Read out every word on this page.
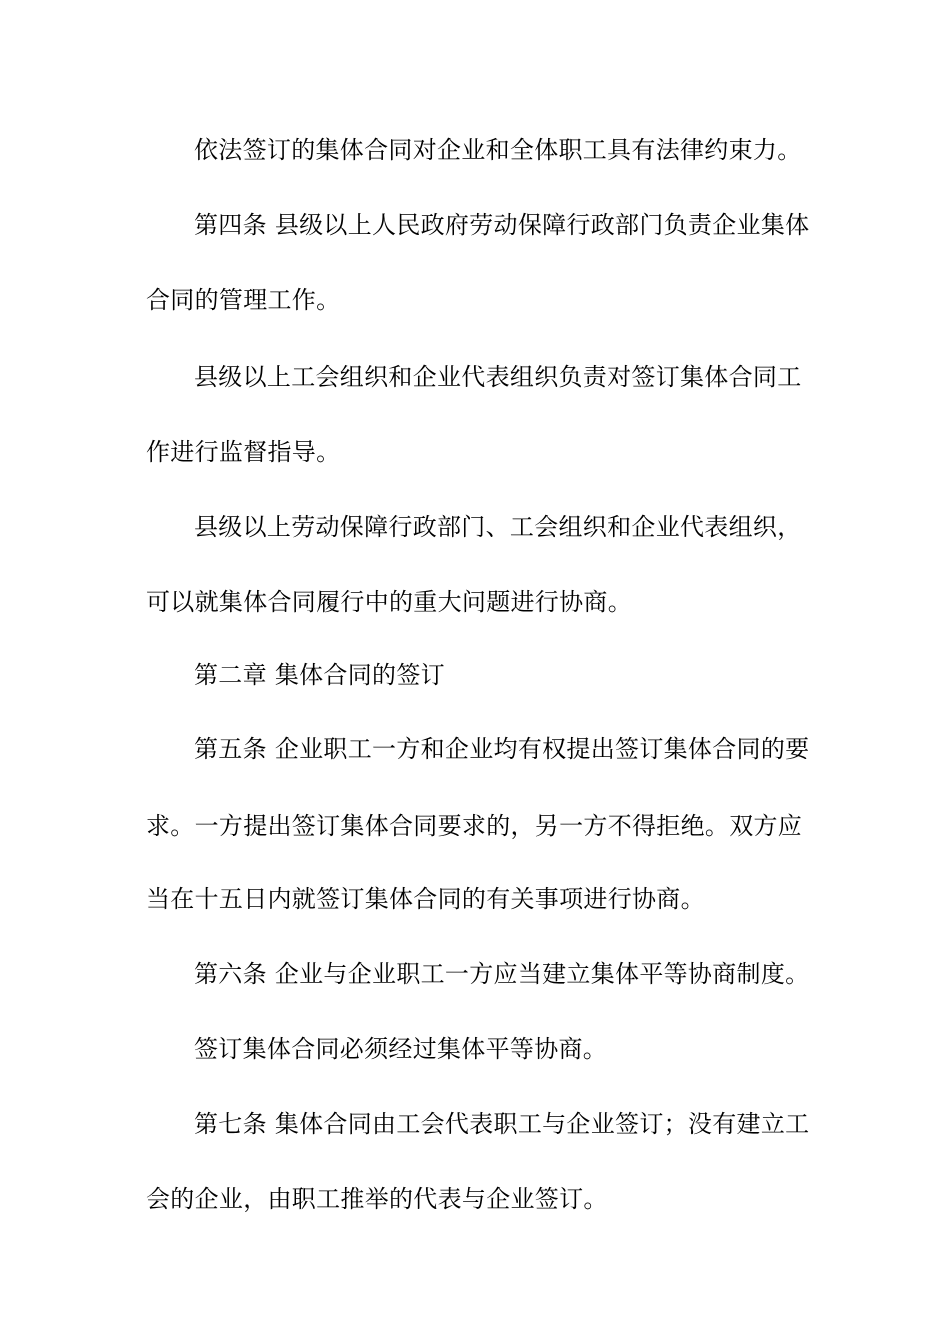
依法签订的集体合同对企业和全体职工具有法律约束力。
第四条 县级以上人民政府劳动保障行政部门负责企业集体
合同的管理工作。
县级以上工会组织和企业代表组织负责对签订集体合同工
作进行监督指导。
县级以上劳动保障行政部门、工会组织和企业代表组织，
可以就集体合同履行中的重大问题进行协商。
第二章 集体合同的签订
第五条 企业职工一方和企业均有权提出签订集体合同的要
求。一方提出签订集体合同要求的，另一方不得拒绝。双方应
当在十五日内就签订集体合同的有关事项进行协商。
第六条 企业与企业职工一方应当建立集体平等协商制度。
签订集体合同必须经过集体平等协商。
第七条 集体合同由工会代表职工与企业签订；没有建立工
会的企业，由职工推举的代表与企业签订。
